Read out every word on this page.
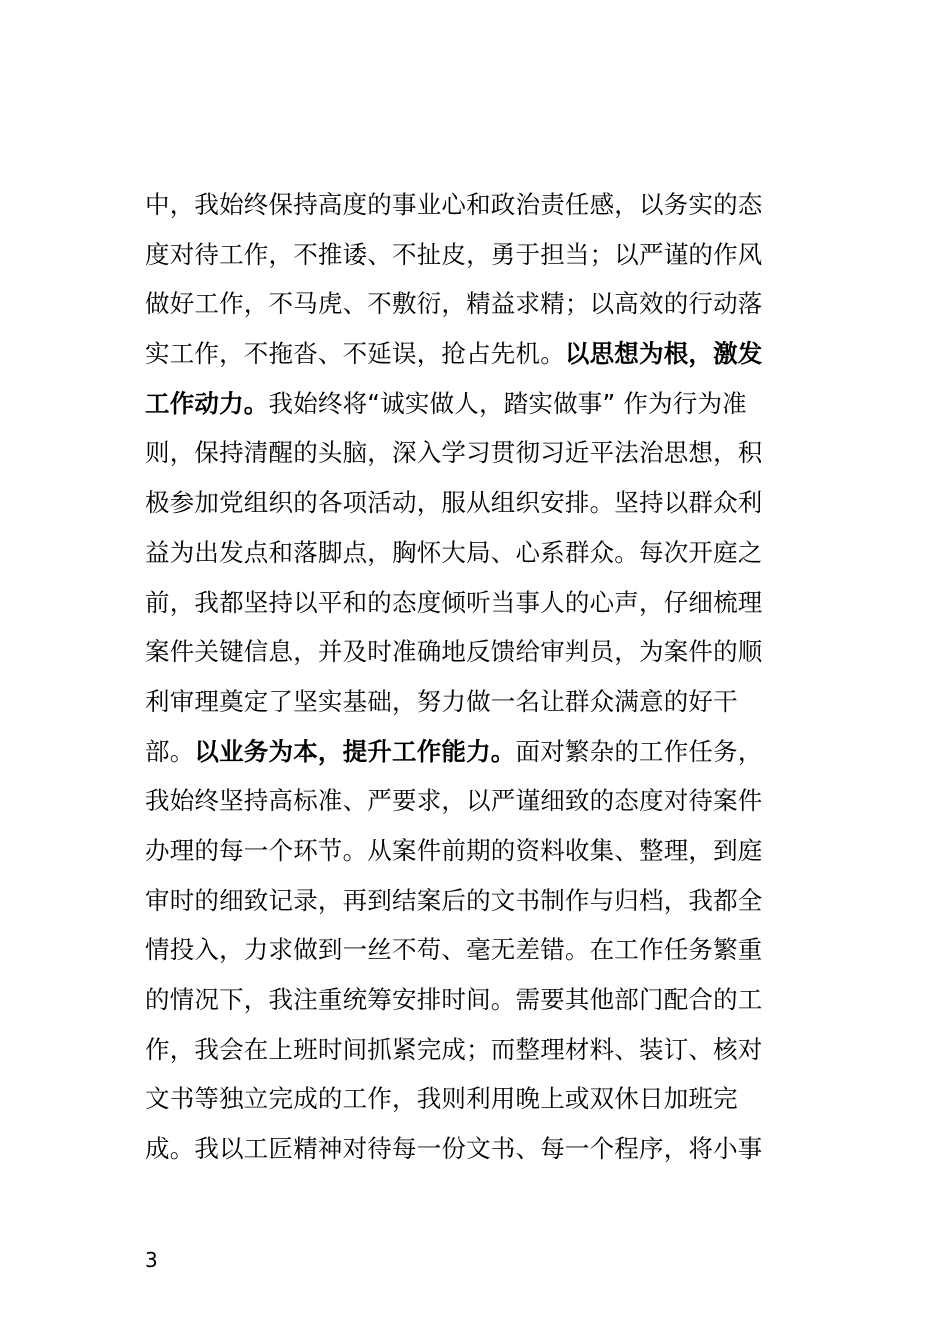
中，我始终保持高度的事业心和政治责任感，以务实的态
度对待工作，不推诿、不扯皮，勇于担当；以严谨的作风
做好工作，不马虎、不敷衍，精益求精；以高效的行动落
实工作，不拖沓、不延误，抢占先机。以思想为根，激发
工作动力。我始终将“诚实做人，踏实做事” 作为行为准
则，保持清醒的头脑，深入学习贯彻习近平法治思想，积
极参加党组织的各项活动，服从组织安排。坚持以群众利
益为出发点和落脚点，胸怀大局、心系群众。每次开庭之
前，我都坚持以平和的态度倾听当事人的心声，仔细梳理
案件关键信息，并及时准确地反馈给审判员，为案件的顺
利审理奠定了坚实基础，努力做一名让群众满意的好干
部。以业务为本，提升工作能力。面对繁杂的工作任务，
我始终坚持高标准、严要求，以严谨细致的态度对待案件
办理的每一个环节。从案件前期的资料收集、整理，到庭
审时的细致记录，再到结案后的文书制作与归档，我都全
情投入，力求做到一丝不苟、毫无差错。在工作任务繁重
的情况下，我注重统筹安排时间。需要其他部门配合的工
作，我会在上班时间抓紧完成；而整理材料、装订、核对
文书等独立完成的工作，我则利用晚上或双休日加班完
成。我以工匠精神对待每一份文书、每一个程序，将小事
3
